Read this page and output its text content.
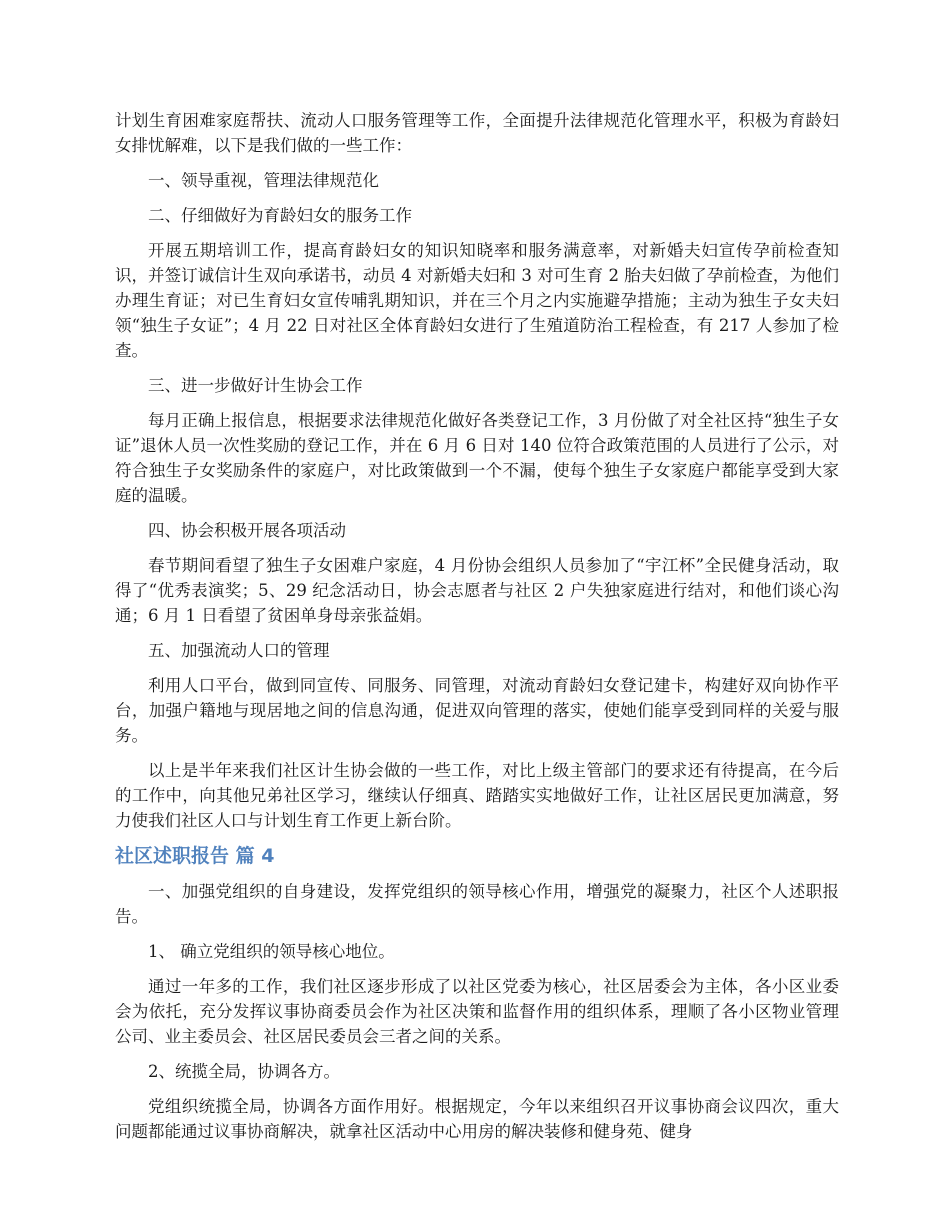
计划生育困难家庭帮扶、流动人口服务管理等工作，全面提升法律规范化管理水平，积极为育龄妇女排忧解难，以下是我们做的一些工作：

一、领导重视，管理法律规范化

二、仔细做好为育龄妇女的服务工作

开展五期培训工作，提高育龄妇女的知识知晓率和服务满意率，对新婚夫妇宣传孕前检查知识，并签订诚信计生双向承诺书，动员 4 对新婚夫妇和 3 对可生育 2 胎夫妇做了孕前检查，为他们办理生育证；对已生育妇女宣传哺乳期知识，并在三个月之内实施避孕措施；主动为独生子女夫妇领“独生子女证”；4 月 22 日对社区全体育龄妇女进行了生殖道防治工程检查，有 217 人参加了检查。

三、进一步做好计生协会工作

每月正确上报信息，根据要求法律规范化做好各类登记工作，3 月份做了对全社区持“独生子女证”退休人员一次性奖励的登记工作，并在 6 月 6 日对 140 位符合政策范围的人员进行了公示，对符合独生子女奖励条件的家庭户，对比政策做到一个不漏，使每个独生子女家庭户都能享受到大家庭的温暖。

四、协会积极开展各项活动

春节期间看望了独生子女困难户家庭，4 月份协会组织人员参加了“宇江杯”全民健身活动，取得了“优秀表演奖；5、29 纪念活动日，协会志愿者与社区 2 户失独家庭进行结对，和他们谈心沟通；6 月 1 日看望了贫困单身母亲张益娟。

五、加强流动人口的管理

利用人口平台，做到同宣传、同服务、同管理，对流动育龄妇女登记建卡，构建好双向协作平台，加强户籍地与现居地之间的信息沟通，促进双向管理的落实，使她们能享受到同样的关爱与服务。

以上是半年来我们社区计生协会做的一些工作，对比上级主管部门的要求还有待提高，在今后的工作中，向其他兄弟社区学习，继续认仔细真、踏踏实实地做好工作，让社区居民更加满意，努力使我们社区人口与计划生育工作更上新台阶。

社区述职报告 篇 4

一、加强党组织的自身建设，发挥党组织的领导核心作用，增强党的凝聚力，社区个人述职报告。

1、 确立党组织的领导核心地位。

通过一年多的工作，我们社区逐步形成了以社区党委为核心，社区居委会为主体，各小区业委会为依托，充分发挥议事协商委员会作为社区决策和监督作用的组织体系，理顺了各小区物业管理公司、业主委员会、社区居民委员会三者之间的关系。

2、统揽全局，协调各方。

党组织统揽全局，协调各方面作用好。根据规定，今年以来组织召开议事协商会议四次，重大问题都能通过议事协商解决，就拿社区活动中心用房的解决装修和健身苑、健身
